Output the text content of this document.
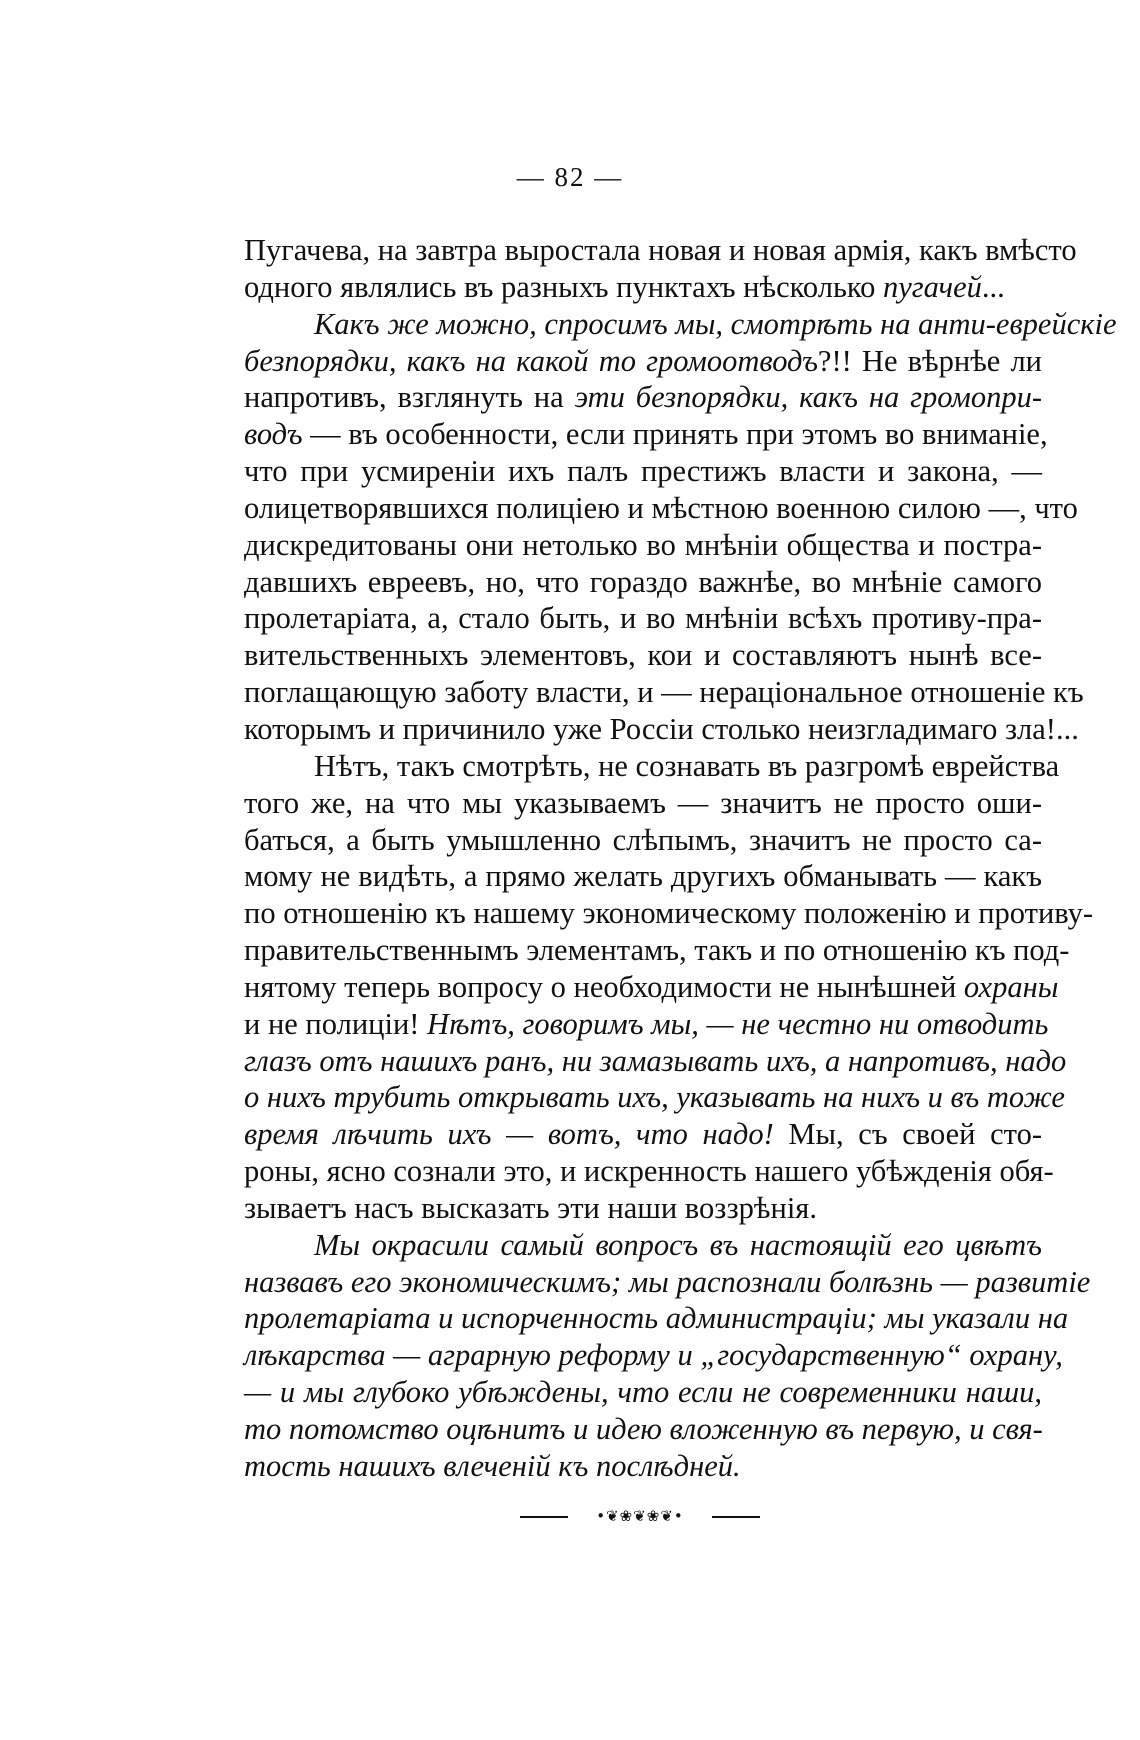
— 82 —
Пугачева, на завтра выростала новая и новая армія, какъ вмѣсто
одного являлись въ разныхъ пунктахъ нѣсколько пугачей...
Какъ же можно, спросимъ мы, смотрѣть на анти-еврейскіе
безпорядки, какъ на какой то громоотводъ?!! Не вѣрнѣе ли
напротивъ, взглянуть на эти безпорядки, какъ на громопри-
водъ — въ особенности, если принять при этомъ во вниманіе,
что при усмиреніи ихъ палъ престижъ власти и закона, —
олицетворявшихся полиціею и мѣстною военною силою —, что
дискредитованы они нетолько во мнѣніи общества и постра-
давшихъ евреевъ, но, что гораздо важнѣе, во мнѣніе самого
пролетаріата, а, стало быть, и во мнѣніи всѣхъ противу-пра-
вительственныхъ элементовъ, кои и составляютъ нынѣ все-
поглащающую заботу власти, и — нераціональное отношеніе къ
которымъ и причинило уже Россіи столько неизгладимаго зла!...
Нѣтъ, такъ смотрѣть, не сознавать въ разгромѣ еврейства
того же, на что мы указываемъ — значитъ не просто оши-
баться, а быть умышленно слѣпымъ, значитъ не просто са-
мому не видѣть, а прямо желать другихъ обманывать — какъ
по отношенію къ нашему экономическому положенію и противу-
правительственнымъ элементамъ, такъ и по отношенію къ под-
нятому теперь вопросу о необходимости не нынѣшней охраны
и не полиціи! Нѣтъ, говоримъ мы, — не честно ни отводить
глазъ отъ нашихъ ранъ, ни замазывать ихъ, а напротивъ, надо
о нихъ трубить открывать ихъ, указывать на нихъ и въ тоже
время лѣчить ихъ — вотъ, что надо! Мы, съ своей сто-
роны, ясно сознали это, и искренность нашего убѣжденія обя-
зываетъ насъ высказать эти наши воззрѣнія.
Мы окрасили самый вопросъ въ настоящій его цвѣтъ
назвавъ его экономическимъ; мы распознали болѣзнь — развитіе
пролетаріата и испорченность администраціи; мы указали на
лѣкарства — аграрную реформу и „государственную“ охрану,
— и мы глубоко убѣждены, что если не современники наши,
то потомство оцѣнитъ и идею вложенную въ первую, и свя-
тость нашихъ влеченій къ послѣдней.
•❦❀❦❀❦•
